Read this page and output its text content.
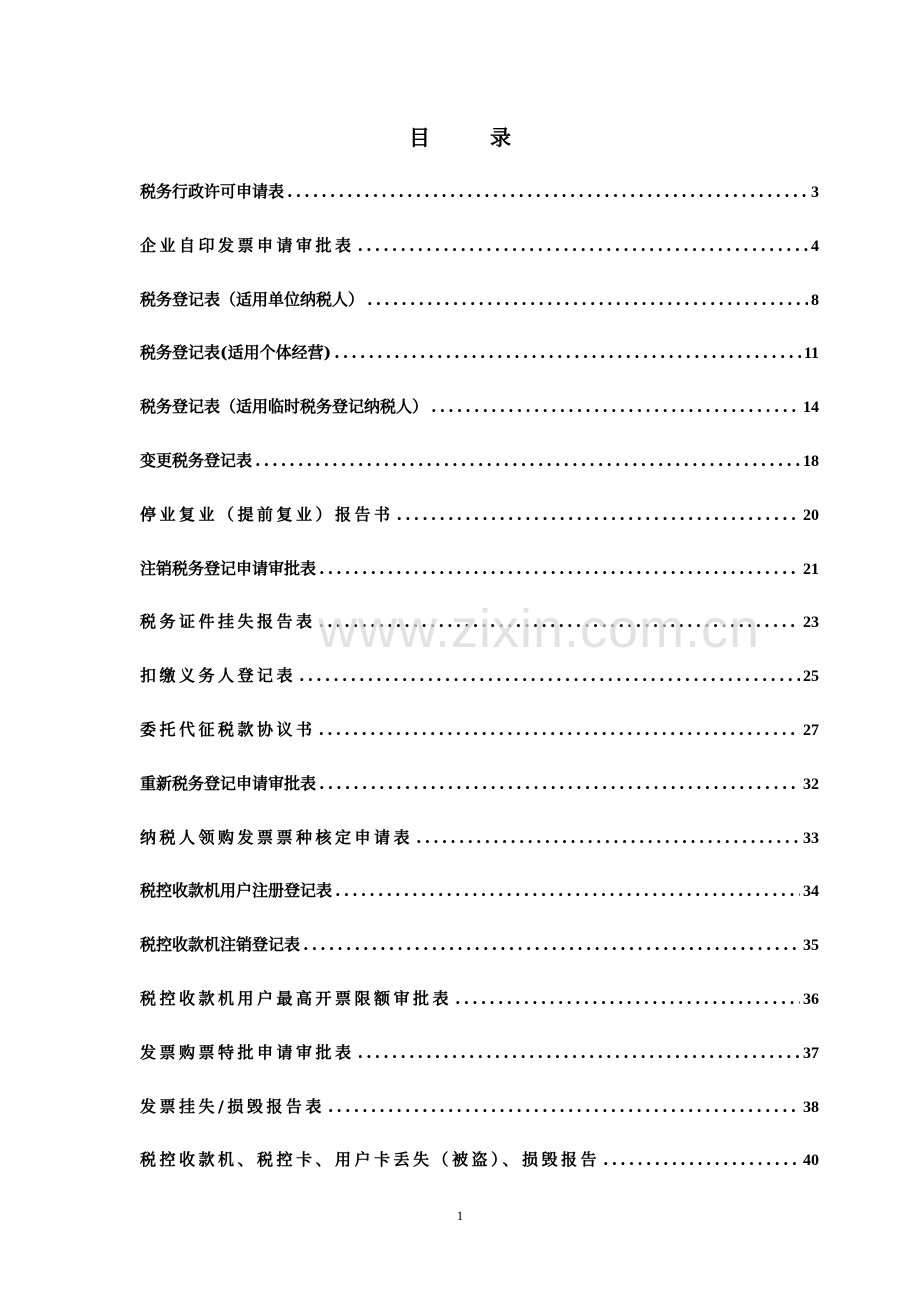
目录
税务行政许可申请表 .....	3
企业自印发票申请审批表 .....	4
税务登记表（适用单位纳税人） .....	8
税务登记表(适用个体经营) .....	11
税务登记表（适用临时税务登记纳税人） .....	14
变更税务登记表 .....	18
停业复业（提前复业）报告书 .....	20
注销税务登记申请审批表 .....	21
税务证件挂失报告表 .....	23
扣缴义务人登记表 .....	25
委托代征税款协议书 .....	27
重新税务登记申请审批表 .....	32
纳税人领购发票票种核定申请表 .....	33
税控收款机用户注册登记表 .....	34
税控收款机注销登记表 .....	35
税控收款机用户最高开票限额审批表 .....	36
发票购票特批申请审批表 .....	37
发票挂失/损毁报告表 .....	38
税控收款机、税控卡、用户卡丢失（被盗）、损毁报告 .....	40
www.zixin.com.cn
1
